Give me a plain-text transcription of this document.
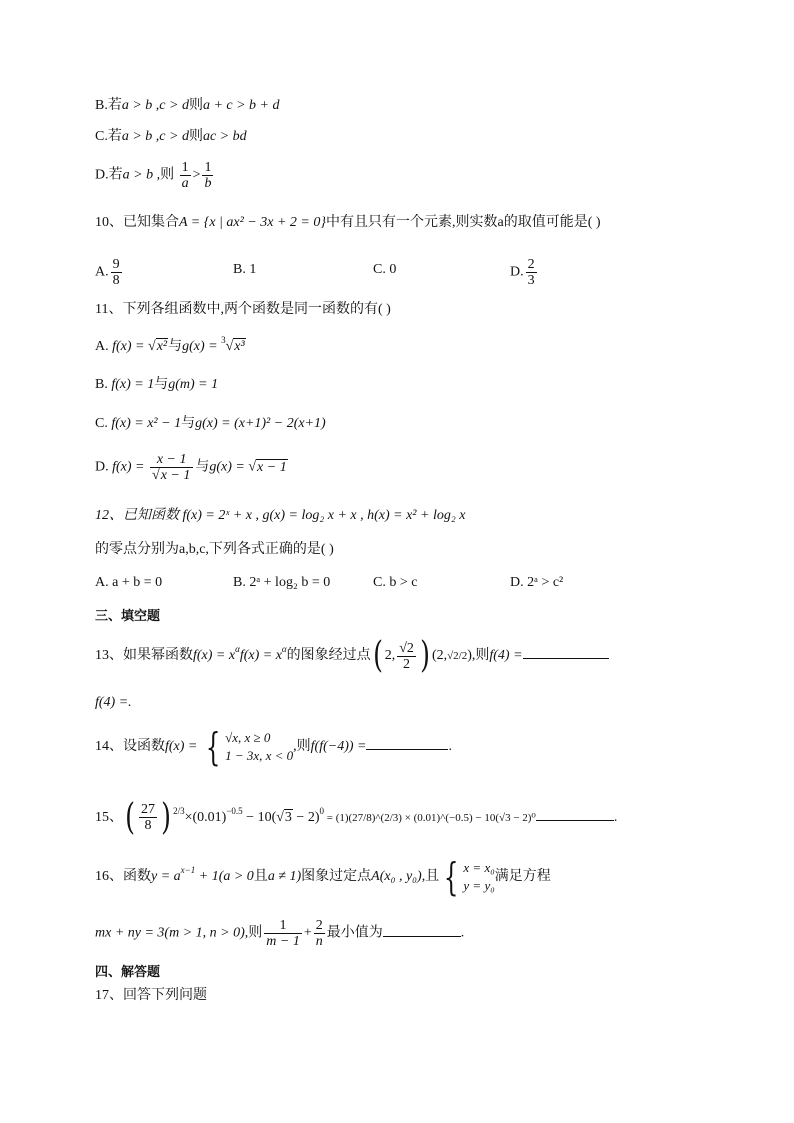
B.若a > b ,c > d则a + c > b + d
C.若a > b ,c > d则ac > bd
D.若a > b ,则 $\frac{1}{a} > \frac{1}{b}$
10、已知集合A = {x | ax² − 3x + 2 = 0}中有且只有一个元素,则实数a的取值可能是( )
A. $\frac{9}{8}$	B. 1	C. 0	D. $\frac{2}{3}$
11、下列各组函数中,两个函数是同一函数的有( )
A. f(x) = √x²与g(x) = $^3$√x³
B. f(x) = 1与g(m) = 1
C. f(x) = x² − 1与g(x) = (x+1)² − 2(x+1)
D. $f(x) = \frac{x - 1}{√x - 1}$ 与g(x) = √x − 1
12、已知函数 f(x) = 2ˣ + x , g(x) = log₂ x + x , h(x) = x² + log₂ x
的零点分别为a,b,c,下列各式正确的是( )
A. a + b = 0	B. 2ᵃ + log₂ b = 0	C. b > c	D. 2ᵃ > c²
三、填空题
13、如果幂函数$f(x) = x^\alpha f(x) = x^\alpha$的图象经过点( 2, $\frac{√2}{2}$ ) (2,√2/2),则f(4) =
f(4) =.
14、设函数f(x) = { √x, x ≥ 0
1 − 3x, x < 0
,则f(f(−4)) =	.
15、( $\frac{27}{8}$ ) $^{2/3}\times(0.01)^{-0.5} - 10(√3 - 2)^0$ = (1)(27/8)^(2/3) × (0.01)^(−0.5) − 10(√3 − 2)⁰	.
16、函数$y = a^{x-1} + 1(a > 0$且a ≠ 1)图象过定点A(x₀ , y₀),且 { x = x₀
y = y₀
满足方程
mx + ny = 3(m > 1, n > 0),则 $\frac{1}{m - 1} + \frac{2}{n}$ 最小值为	.
四、解答题
17、回答下列问题
